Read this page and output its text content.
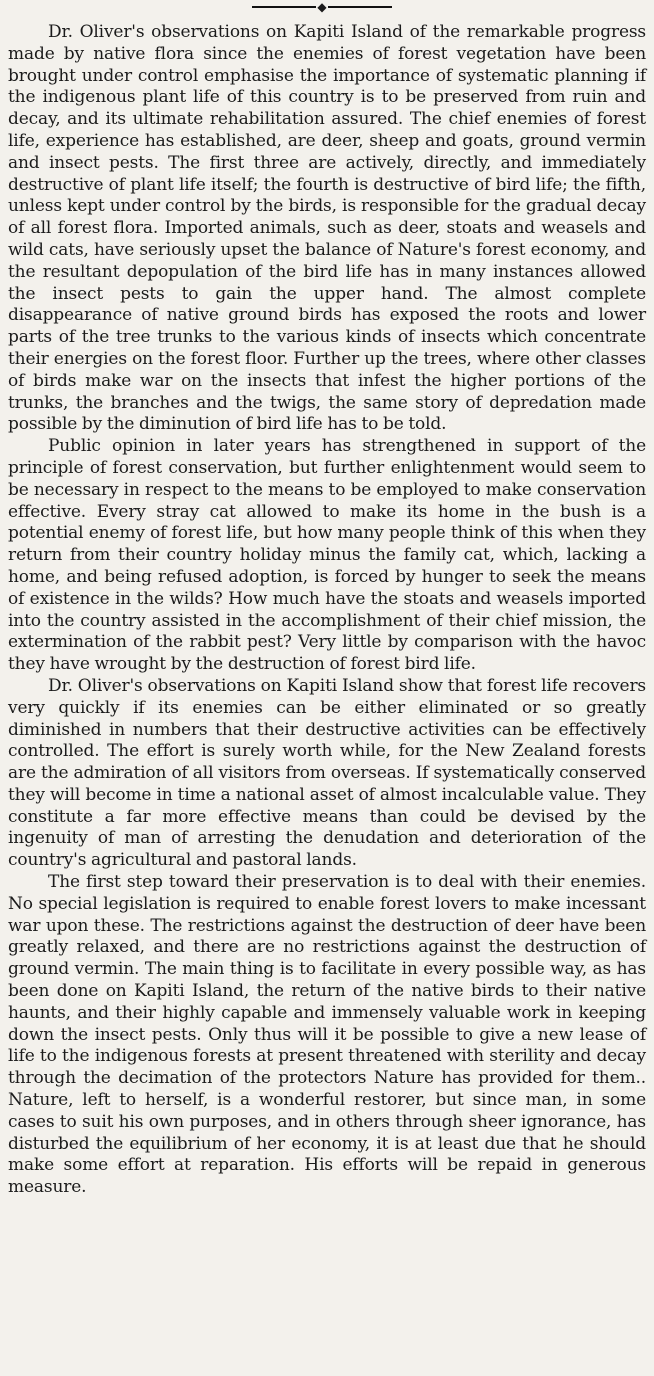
◆

Dr. Oliver's observations on Kapiti Island of the remarkable progress made by native flora since the enemies of forest vegetation have been brought under control emphasise the importance of systematic planning if the indigenous plant life of this country is to be preserved from ruin and decay, and its ultimate rehabilitation assured. The chief enemies of forest life, experience has established, are deer, sheep and goats, ground vermin and insect pests. The first three are actively, directly, and immediately destructive of plant life itself; the fourth is destructive of bird life; the fifth, unless kept under control by the birds, is responsible for the gradual decay of all forest flora. Imported animals, such as deer, stoats and weasels and wild cats, have seriously upset the balance of Nature's forest economy, and the resultant depopulation of the bird life has in many instances allowed the insect pests to gain the upper hand. The almost complete disappearance of native ground birds has exposed the roots and lower parts of the tree trunks to the various kinds of insects which concentrate their energies on the forest floor. Further up the trees, where other classes of birds make war on the insects that infest the higher portions of the trunks, the branches and the twigs, the same story of depredation made possible by the diminution of bird life has to be told.

Public opinion in later years has strengthened in support of the principle of forest conservation, but further enlightenment would seem to be necessary in respect to the means to be employed to make conservation effective. Every stray cat allowed to make its home in the bush is a potential enemy of forest life, but how many people think of this when they return from their country holiday minus the family cat, which, lacking a home, and being refused adoption, is forced by hunger to seek the means of existence in the wilds? How much have the stoats and weasels imported into the country assisted in the accomplishment of their chief mission, the extermination of the rabbit pest? Very little by comparison with the havoc they have wrought by the destruction of forest bird life.

Dr. Oliver's observations on Kapiti Island show that forest life recovers very quickly if its enemies can be either eliminated or so greatly diminished in numbers that their destructive activities can be effectively controlled. The effort is surely worth while, for the New Zealand forests are the admiration of all visitors from overseas. If systematically conserved they will become in time a national asset of almost incalculable value. They constitute a far more effective means than could be devised by the ingenuity of man of arresting the denudation and deterioration of the country's agricultural and pastoral lands.

The first step toward their preservation is to deal with their enemies. No special legislation is required to enable forest lovers to make incessant war upon these. The restrictions against the destruction of deer have been greatly relaxed, and there are no restrictions against the destruction of ground vermin. The main thing is to facilitate in every possible way, as has been done on Kapiti Island, the return of the native birds to their native haunts, and their highly capable and immensely valuable work in keeping down the insect pests. Only thus will it be possible to give a new lease of life to the indigenous forests at present threatened with sterility and decay through the decimation of the protectors Nature has provided for them.. Nature, left to herself, is a wonderful restorer, but since man, in some cases to suit his own purposes, and in others through sheer ignorance, has disturbed the equilibrium of her economy, it is at least due that he should make some effort at reparation. His efforts will be repaid in generous measure.
